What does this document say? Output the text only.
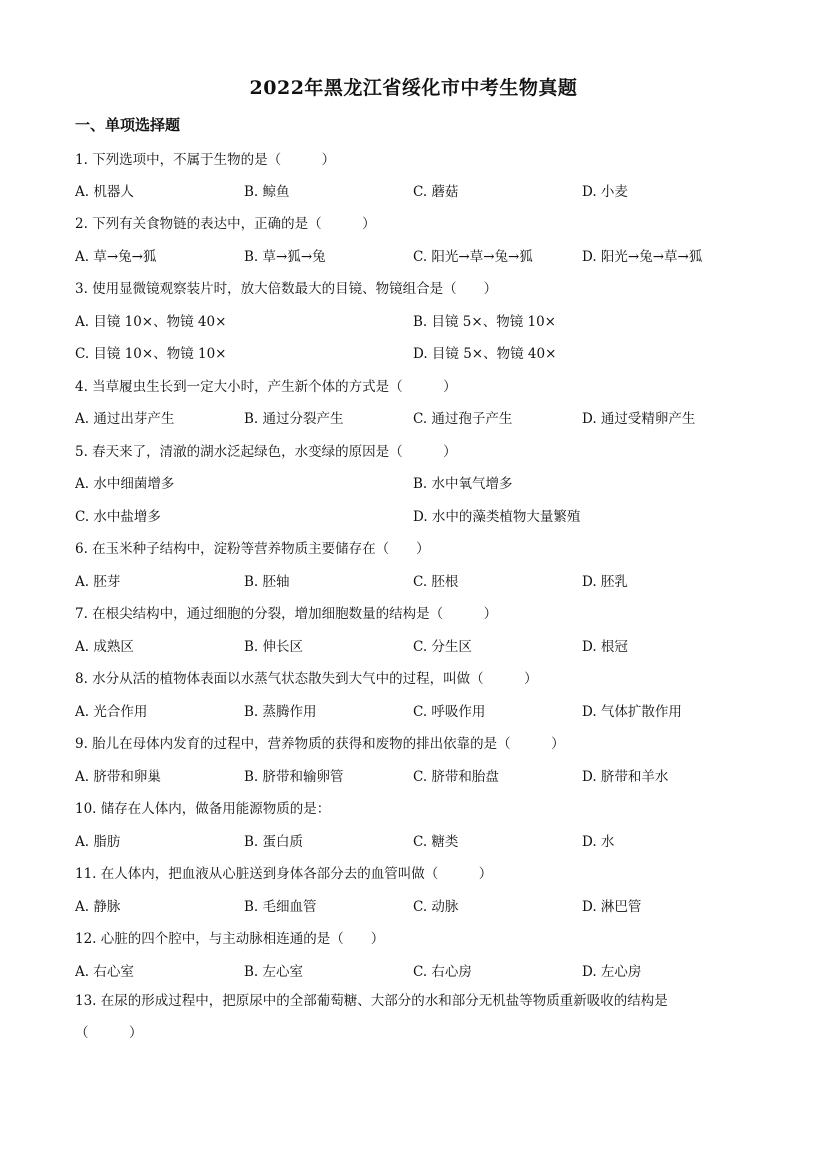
2022年黑龙江省绥化市中考生物真题
一、单项选择题
1. 下列选项中，不属于生物的是（　　　）
A. 机器人	B. 鲸鱼	C. 蘑菇	D. 小麦
2. 下列有关食物链的表达中，正确的是（　　　）
A. 草→兔→狐	B. 草→狐→兔	C. 阳光→草→兔→狐	D. 阳光→兔→草→狐
3. 使用显微镜观察装片时，放大倍数最大的目镜、物镜组合是（　　）
A. 目镜 10×、物镜 40×	B. 目镜 5×、物镜 10×
C. 目镜 10×、物镜 10×	D. 目镜 5×、物镜 40×
4. 当草履虫生长到一定大小时，产生新个体的方式是（　　　）
A. 通过出芽产生	B. 通过分裂产生	C. 通过孢子产生	D. 通过受精卵产生
5. 春天来了，清澈的湖水泛起绿色，水变绿的原因是（　　　）
A. 水中细菌增多	B. 水中氧气增多
C. 水中盐增多	D. 水中的藻类植物大量繁殖
6. 在玉米种子结构中，淀粉等营养物质主要储存在（　　）
A. 胚芽	B. 胚轴	C. 胚根	D. 胚乳
7. 在根尖结构中，通过细胞的分裂，增加细胞数量的结构是（　　　）
A. 成熟区	B. 伸长区	C. 分生区	D. 根冠
8. 水分从活的植物体表面以水蒸气状态散失到大气中的过程，叫做（　　　）
A. 光合作用	B. 蒸腾作用	C. 呼吸作用	D. 气体扩散作用
9. 胎儿在母体内发育的过程中，营养物质的获得和废物的排出依靠的是（　　　）
A. 脐带和卵巢	B. 脐带和输卵管	C. 脐带和胎盘	D. 脐带和羊水
10. 储存在人体内，做备用能源物质的是：
A. 脂肪	B. 蛋白质	C. 糖类	D. 水
11. 在人体内，把血液从心脏送到身体各部分去的血管叫做（　　　）
A. 静脉	B. 毛细血管	C. 动脉	D. 淋巴管
12. 心脏的四个腔中，与主动脉相连通的是（　　）
A. 右心室	B. 左心室	C. 右心房	D. 左心房
13. 在尿的形成过程中，把原尿中的全部葡萄糖、大部分的水和部分无机盐等物质重新吸收的结构是（　　　）
